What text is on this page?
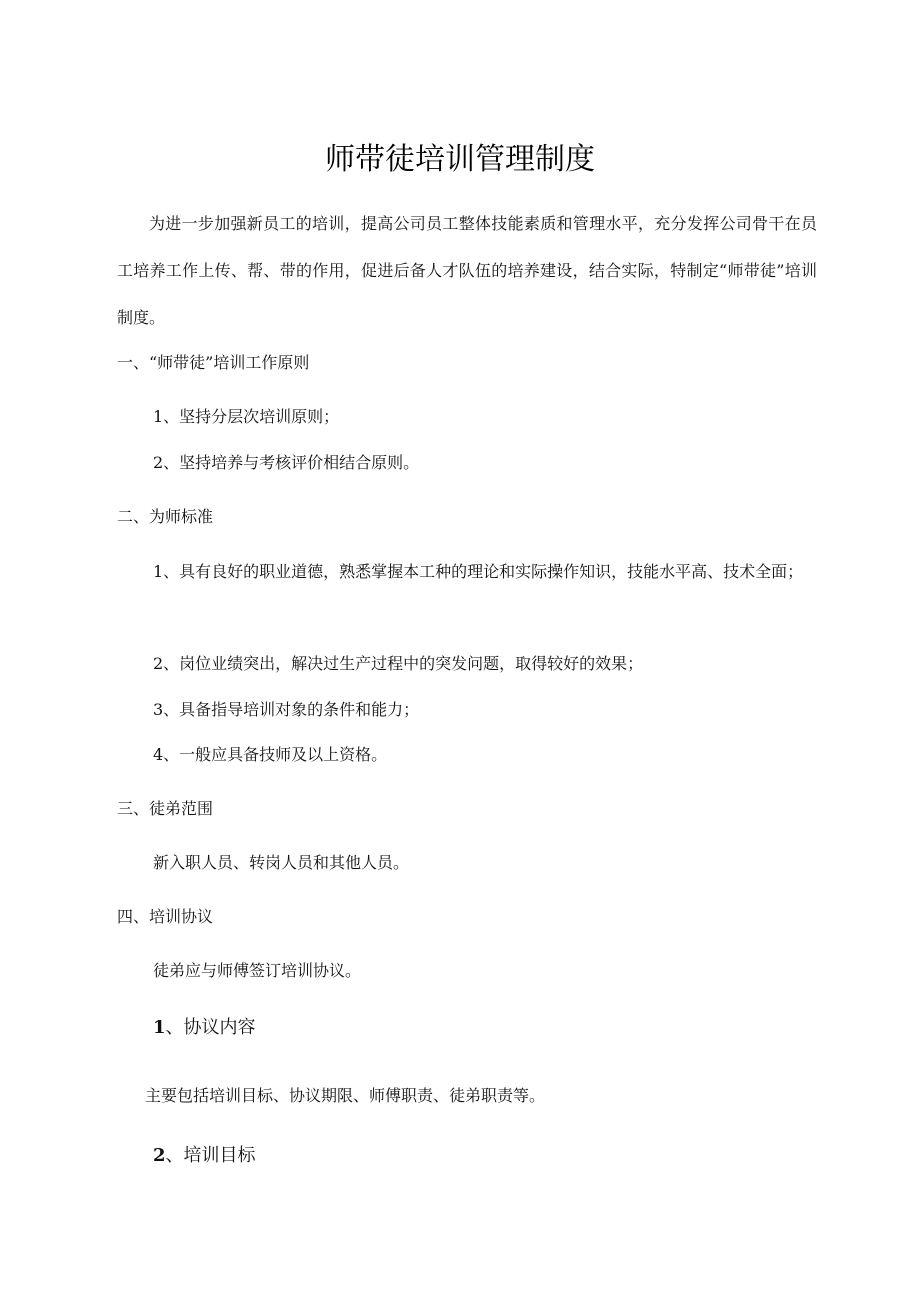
师带徒培训管理制度

为进一步加强新员工的培训，提高公司员工整体技能素质和管理水平，充分发挥公司骨干在员工培养工作上传、帮、带的作用，促进后备人才队伍的培养建设，结合实际，特制定“师带徒”培训制度。

一、“师带徒”培训工作原则

1、坚持分层次培训原则；

2、坚持培养与考核评价相结合原则。

二、为师标准

1、具有良好的职业道德，熟悉掌握本工种的理论和实际操作知识，技能水平高、技术全面；

2、岗位业绩突出，解决过生产过程中的突发问题，取得较好的效果；

3、具备指导培训对象的条件和能力；

4、一般应具备技师及以上资格。

三、徒弟范围

新入职人员、转岗人员和其他人员。

四、培训协议

徒弟应与师傅签订培训协议。

1、协议内容

主要包括培训目标、协议期限、师傅职责、徒弟职责等。

2、培训目标
